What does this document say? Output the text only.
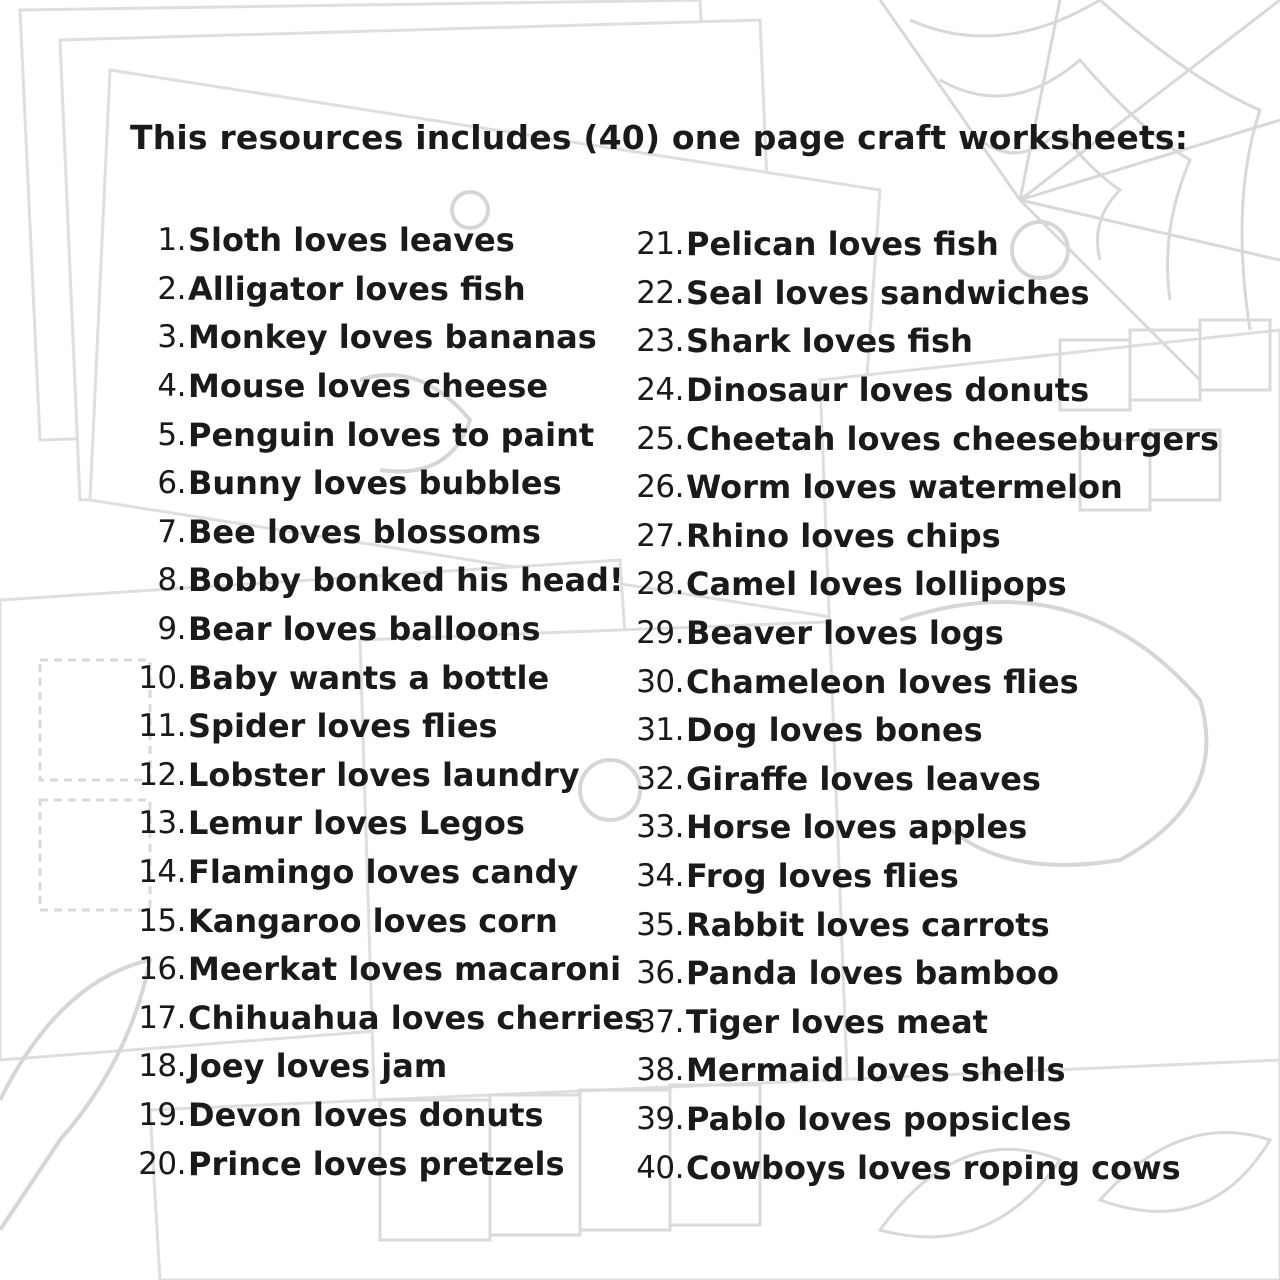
This resources includes (40) one page craft worksheets:
1. Sloth loves leaves
2. Alligator loves fish
3. Monkey loves bananas
4. Mouse loves cheese
5. Penguin loves to paint
6. Bunny loves bubbles
7. Bee loves blossoms
8. Bobby bonked his head!
9. Bear loves balloons
10. Baby wants a bottle
11. Spider loves flies
12. Lobster loves laundry
13. Lemur loves Legos
14. Flamingo loves candy
15. Kangaroo loves corn
16. Meerkat loves macaroni
17. Chihuahua loves cherries
18. Joey loves jam
19. Devon loves donuts
20. Prince loves pretzels
21. Pelican loves fish
22. Seal loves sandwiches
23. Shark loves fish
24. Dinosaur loves donuts
25. Cheetah loves cheeseburgers
26. Worm loves watermelon
27. Rhino loves chips
28. Camel loves lollipops
29. Beaver loves logs
30. Chameleon loves flies
31. Dog loves bones
32. Giraffe loves leaves
33. Horse loves apples
34. Frog loves flies
35. Rabbit loves carrots
36. Panda loves bamboo
37. Tiger loves meat
38. Mermaid loves shells
39. Pablo loves popsicles
40. Cowboys loves roping cows
